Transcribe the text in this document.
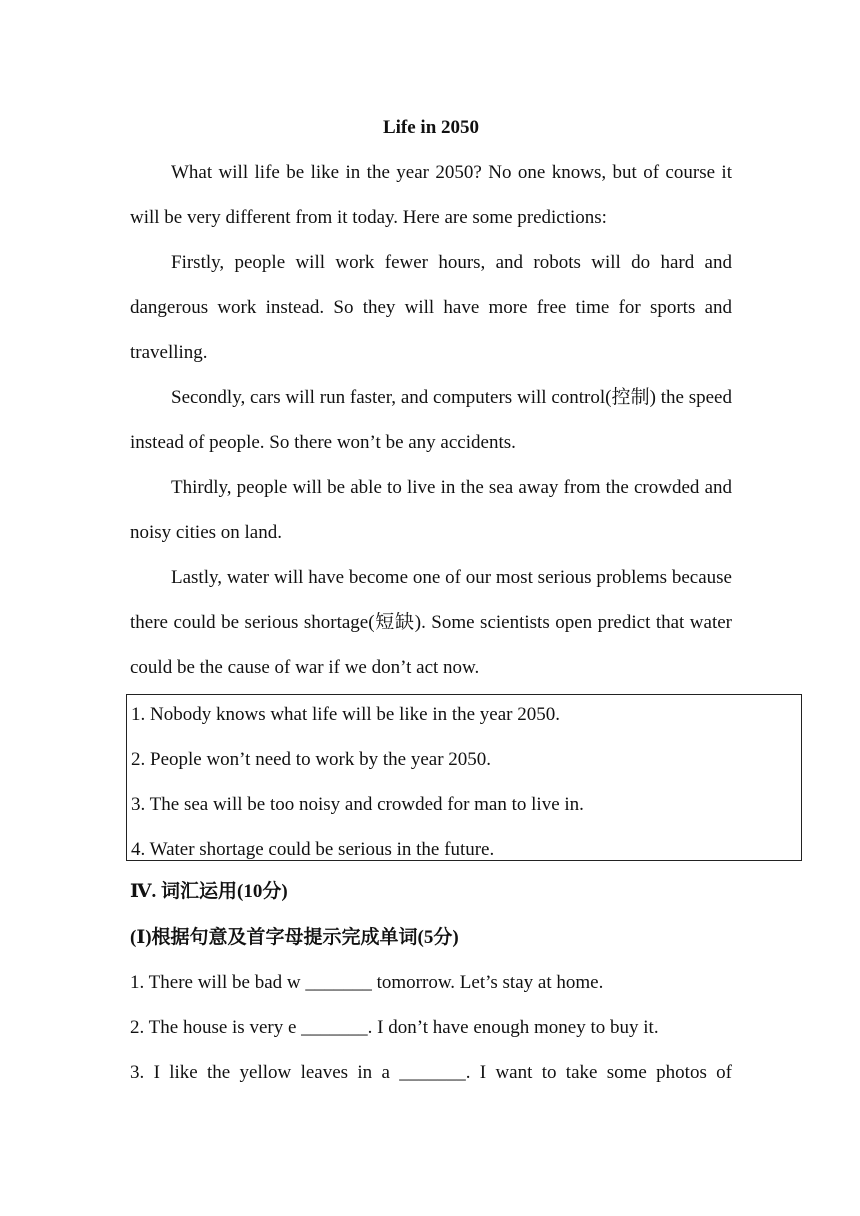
Life in 2050

What will life be like in the year 2050? No one knows, but of course it will be very different from it today. Here are some predictions:

Firstly, people will work fewer hours, and robots will do hard and dangerous work instead. So they will have more free time for sports and travelling.

Secondly, cars will run faster, and computers will control(控制) the speed instead of people. So there won’t be any accidents.

Thirdly, people will be able to live in the sea away from the crowded and noisy cities on land.

Lastly, water will have become one of our most serious problems because there could be serious shortage(短缺). Some scientists open predict that water could be the cause of war if we don’t act now.

1. Nobody knows what life will be like in the year 2050.
2. People won’t need to work by the year 2050.
3. The sea will be too noisy and crowded for man to live in.
4. Water shortage could be serious in the future.
Ⅳ. 词汇运用(10分)
(Ⅰ)根据句意及首字母提示完成单词(5分)
1. There will be bad w _______ tomorrow. Let’s stay at home.
2. The house is very e _______. I don’t have enough money to buy it.
3. I like the yellow leaves in a _______. I want to take some photos of
